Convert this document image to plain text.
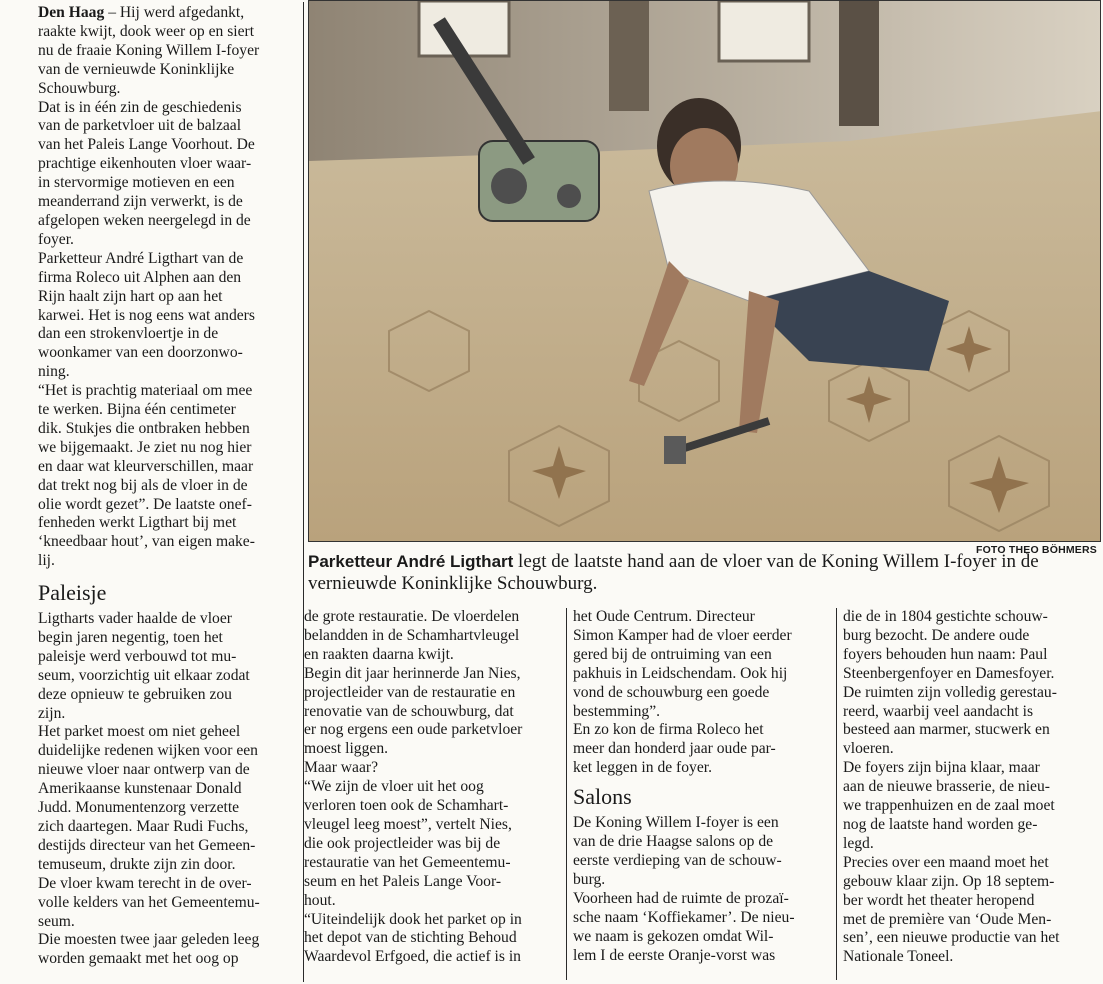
Den Haag – Hij werd afgedankt,
raakte kwijt, dook weer op en siert
nu de fraaie Koning Willem I-foyer
van de vernieuwde Koninklijke
Schouwburg.

Dat is in één zin de geschiedenis
van de parketvloer uit de balzaal
van het Paleis Lange Voorhout. De
prachtige eikenhouten vloer waar-
in stervormige motieven en een
meanderrand zijn verwerkt, is de
afgelopen weken neergelegd in de
foyer.

Parketteur André Ligthart van de
firma Roleco uit Alphen aan den
Rijn haalt zijn hart op aan het
karwei. Het is nog eens wat anders
dan een strokenvloertje in de
woonkamer van een doorzonwo-
ning.

“Het is prachtig materiaal om mee
te werken. Bijna één centimeter
dik. Stukjes die ontbraken hebben
we bijgemaakt. Je ziet nu nog hier
en daar wat kleurverschillen, maar
dat trekt nog bij als de vloer in de
olie wordt gezet”. De laatste onef-
fenheden werkt Ligthart bij met
‘kneedbaar hout’, van eigen make-
lij.

Paleisje

Ligtharts vader haalde de vloer
begin jaren negentig, toen het
paleisje werd verbouwd tot mu-
seum, voorzichtig uit elkaar zodat
deze opnieuw te gebruiken zou
zijn.

Het parket moest om niet geheel
duidelijke redenen wijken voor een
nieuwe vloer naar ontwerp van de
Amerikaanse kunstenaar Donald
Judd. Monumentenzorg verzette
zich daartegen. Maar Rudi Fuchs,
destijds directeur van het Gemeen-
temuseum, drukte zijn zin door.

De vloer kwam terecht in de over-
volle kelders van het Gemeentemu-
seum.

Die moesten twee jaar geleden leeg
worden gemaakt met het oog op

de grote restauratie. De vloerdelen
belandden in de Schamhartvleugel
en raakten daarna kwijt.

Begin dit jaar herinnerde Jan Nies,
projectleider van de restauratie en
renovatie van de schouwburg, dat
er nog ergens een oude parketvloer
moest liggen.

Maar waar?

“We zijn de vloer uit het oog
verloren toen ook de Schamhart-
vleugel leeg moest”, vertelt Nies,
die ook projectleider was bij de
restauratie van het Gemeentemu-
seum en het Paleis Lange Voor-
hout.

“Uiteindelijk dook het parket op in
het depot van de stichting Behoud
Waardevol Erfgoed, die actief is in

het Oude Centrum. Directeur
Simon Kamper had de vloer eerder
gered bij de ontruiming van een
pakhuis in Leidschendam. Ook hij
vond de schouwburg een goede
bestemming”.

En zo kon de firma Roleco het
meer dan honderd jaar oude par-
ket leggen in de foyer.

Salons

De Koning Willem I-foyer is een
van de drie Haagse salons op de
eerste verdieping van de schouw-
burg.

Voorheen had de ruimte de prozaï-
sche naam ‘Koffiekamer’. De nieu-
we naam is gekozen omdat Wil-
lem I de eerste Oranje-vorst was

die de in 1804 gestichte schouw-
burg bezocht. De andere oude
foyers behouden hun naam: Paul
Steenbergenfoyer en Damesfoyer.

De ruimten zijn volledig gerestau-
reerd, waarbij veel aandacht is
besteed aan marmer, stucwerk en
vloeren.

De foyers zijn bijna klaar, maar
aan de nieuwe brasserie, de nieu-
we trappenhuizen en de zaal moet
nog de laatste hand worden ge-
legd.

Precies over een maand moet het
gebouw klaar zijn. Op 18 septem-
ber wordt het theater heropend
met de première van ‘Oude Men-
sen’, een nieuwe productie van het
Nationale Toneel.

FOTO THEO BÖHMERS
Parketteur André Ligthart legt de laatste hand aan de vloer van de Koning Willem I-foyer in de vernieuwde Koninklijke Schouwburg.
